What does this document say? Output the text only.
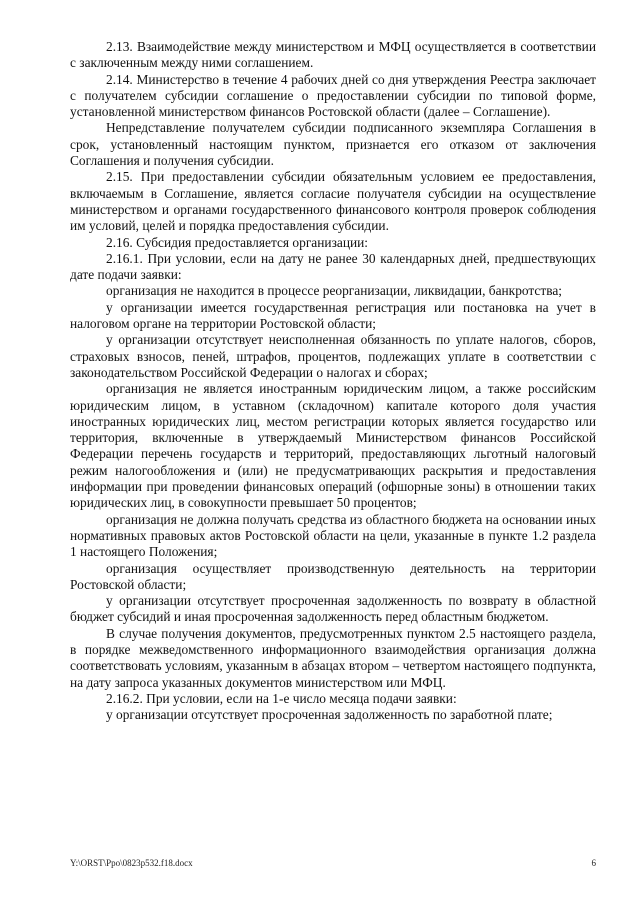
2.13. Взаимодействие между министерством и МФЦ осуществляется в соответствии с заключенным между ними соглашением.

2.14. Министерство в течение 4 рабочих дней со дня утверждения Реестра заключает с получателем субсидии соглашение о предоставлении субсидии по типовой форме, установленной министерством финансов Ростовской области (далее – Соглашение).

Непредставление получателем субсидии подписанного экземпляра Соглашения в срок, установленный настоящим пунктом, признается его отказом от заключения Соглашения и получения субсидии.

2.15. При предоставлении субсидии обязательным условием ее предоставления, включаемым в Соглашение, является согласие получателя субсидии на осуществление министерством и органами государственного финансового контроля проверок соблюдения им условий, целей и порядка предоставления субсидии.

2.16. Субсидия предоставляется организации:

2.16.1. При условии, если на дату не ранее 30 календарных дней, предшествующих дате подачи заявки:

организация не находится в процессе реорганизации, ликвидации, банкротства;

у организации имеется государственная регистрация или постановка на учет в налоговом органе на территории Ростовской области;

у организации отсутствует неисполненная обязанность по уплате налогов, сборов, страховых взносов, пеней, штрафов, процентов, подлежащих уплате в соответствии с законодательством Российской Федерации о налогах и сборах;

организация не является иностранным юридическим лицом, а также российским юридическим лицом, в уставном (складочном) капитале которого доля участия иностранных юридических лиц, местом регистрации которых является государство или территория, включенные в утверждаемый Министерством финансов Российской Федерации перечень государств и территорий, предоставляющих льготный налоговый режим налогообложения и (или) не предусматривающих раскрытия и предоставления информации при проведении финансовых операций (офшорные зоны) в отношении таких юридических лиц, в совокупности превышает 50 процентов;

организация не должна получать средства из областного бюджета на основании иных нормативных правовых актов Ростовской области на цели, указанные в пункте 1.2 раздела 1 настоящего Положения;

организация осуществляет производственную деятельность на территории Ростовской области;

у организации отсутствует просроченная задолженность по возврату в областной бюджет субсидий и иная просроченная задолженность перед областным бюджетом.

В случае получения документов, предусмотренных пунктом 2.5 настоящего раздела, в порядке межведомственного информационного взаимодействия организация должна соответствовать условиям, указанным в абзацах втором – четвертом настоящего подпункта, на дату запроса указанных документов министерством или МФЦ.

2.16.2. При условии, если на 1-е число месяца подачи заявки:

у организации отсутствует просроченная задолженность по заработной плате;

Y:\ORST\Ppo\0823p532.f18.docx	6
